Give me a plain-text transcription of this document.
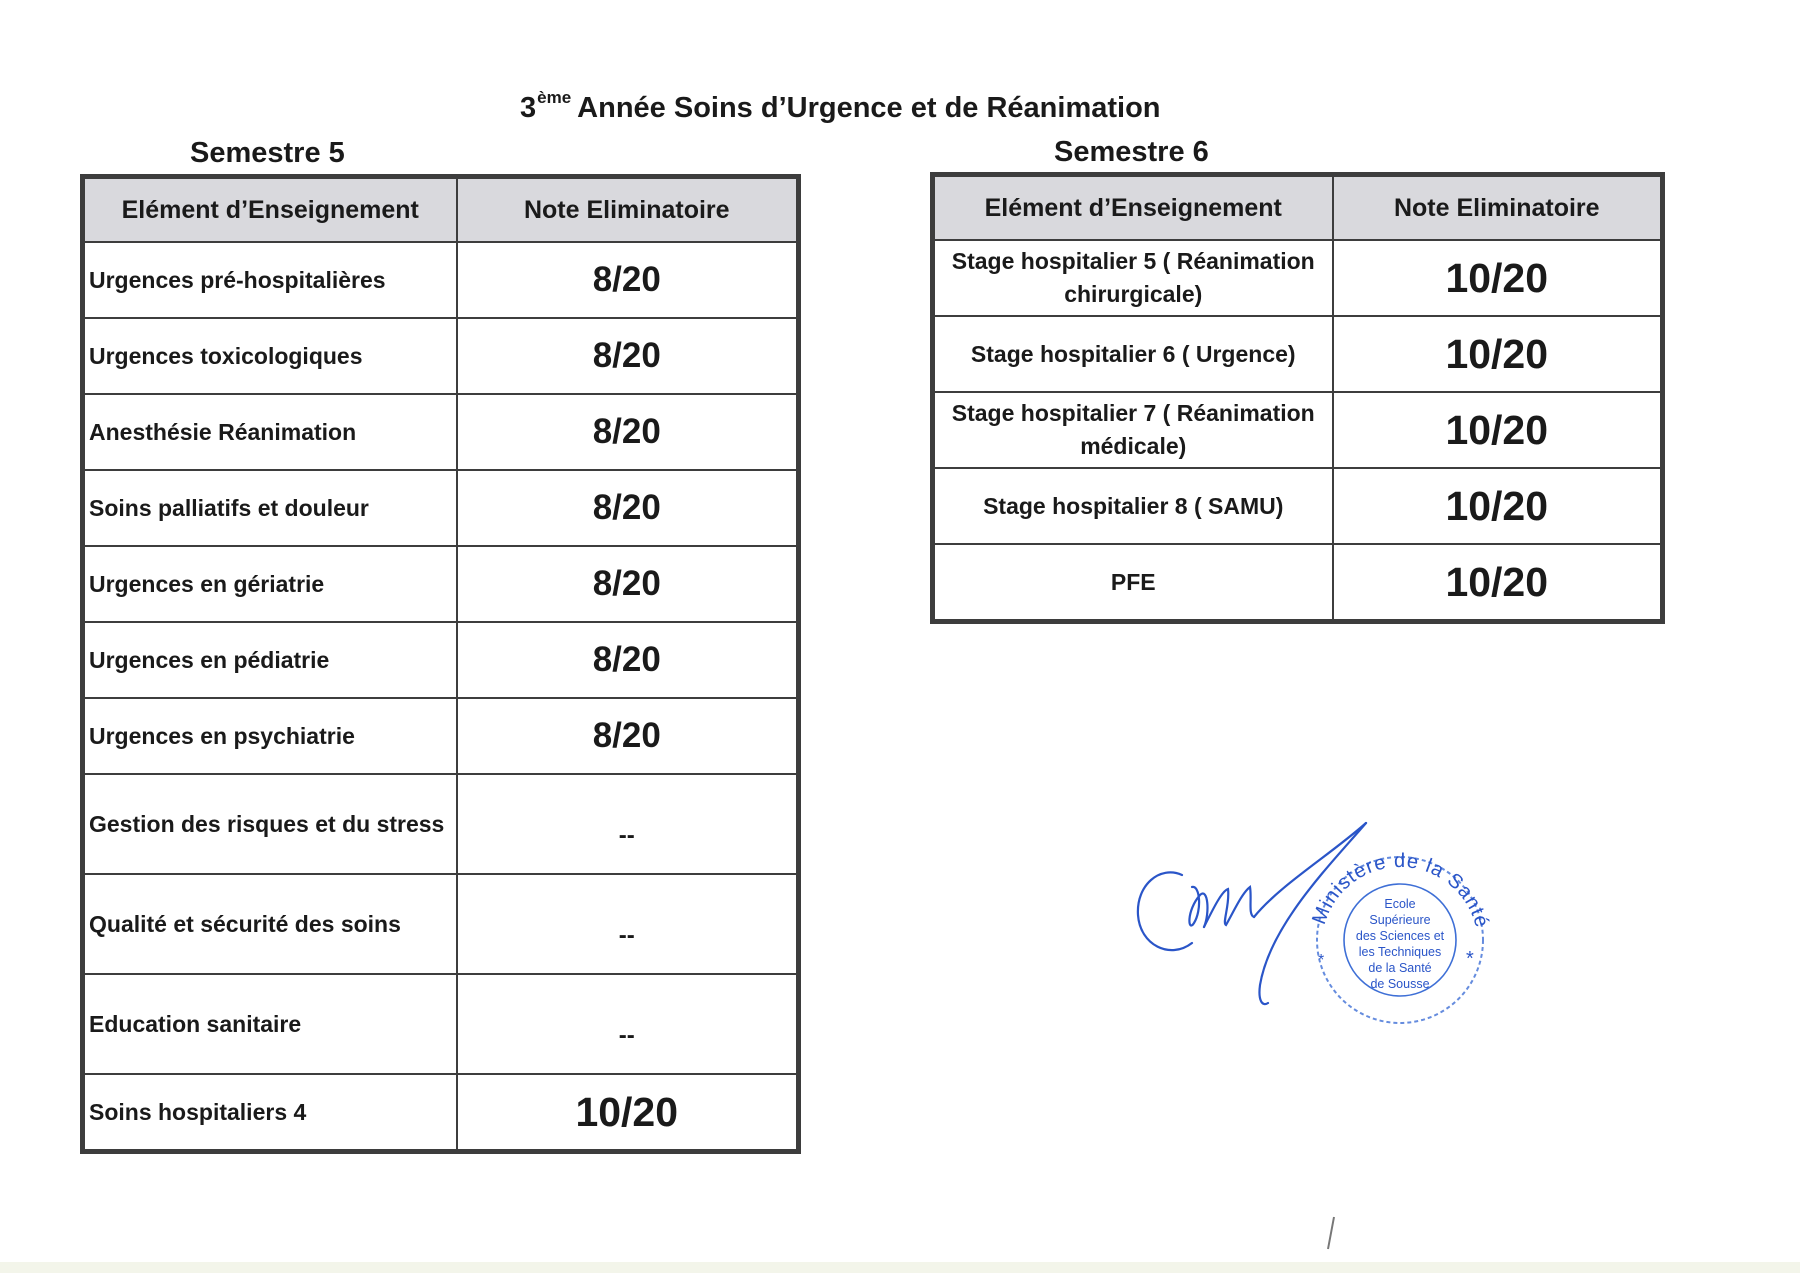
3ème Année Soins d’Urgence et de Réanimation
Semestre 5	Semestre 6
Elément d’Enseignement	Note Eliminatoire
Urgences pré-hospitalières	8/20
Urgences toxicologiques	8/20
Anesthésie Réanimation	8/20
Soins palliatifs et douleur	8/20
Urgences en gériatrie	8/20
Urgences en pédiatrie	8/20
Urgences en psychiatrie	8/20
Gestion des risques et du stress	--
Qualité et sécurité des soins	--
Education sanitaire	--
Soins hospitaliers 4	10/20
Elément d’Enseignement	Note Eliminatoire
Stage hospitalier 5 ( Réanimation chirurgicale)	10/20
Stage hospitalier 6 ( Urgence)	10/20
Stage hospitalier 7 ( Réanimation médicale)	10/20
Stage hospitalier 8 ( SAMU)	10/20
PFE	10/20
Ministère de la Santé
Ecole
Supérieure
des Sciences et
les Techniques
de la Santé
de Sousse
*	*
